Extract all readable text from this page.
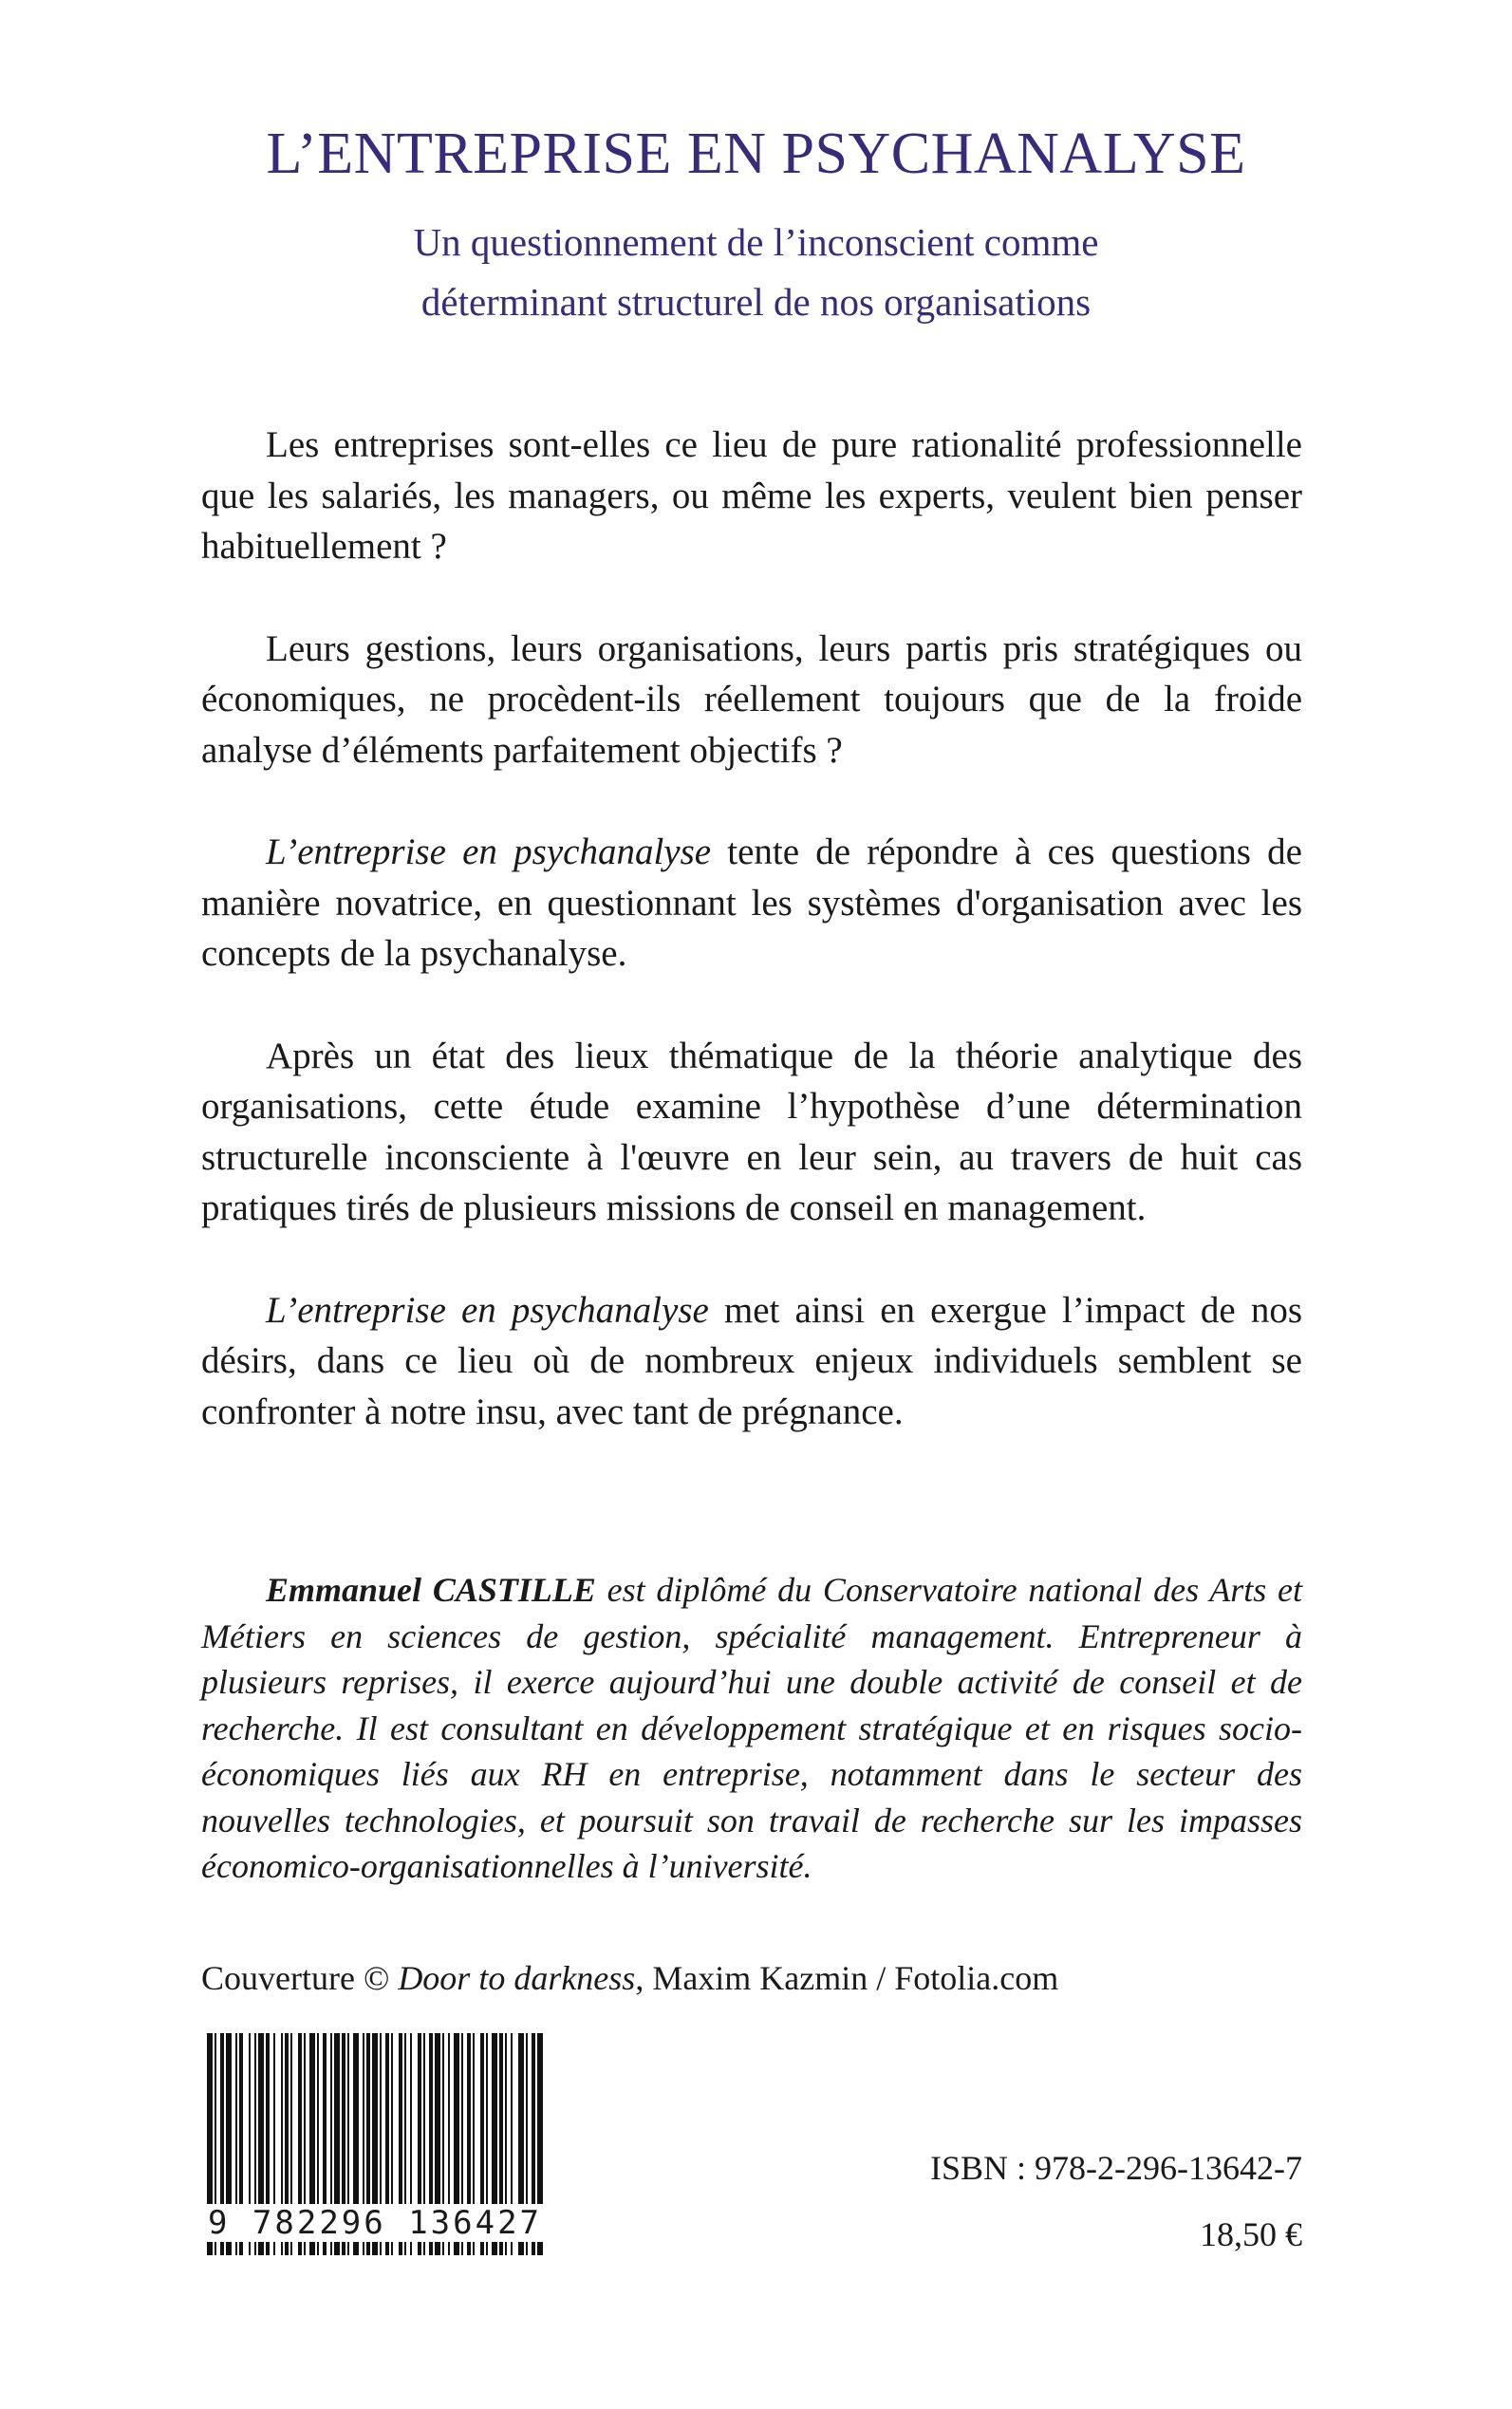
L’ENTREPRISE EN PSYCHANALYSE
Un questionnement de l’inconscient comme
déterminant structurel de nos organisations

Les entreprises sont-elles ce lieu de pure rationalité professionnelle que les salariés, les managers, ou même les experts, veulent bien penser habituellement ?

Leurs gestions, leurs organisations, leurs partis pris stratégiques ou économiques, ne procèdent-ils réellement toujours que de la froide analyse d’éléments parfaitement objectifs ?

L’entreprise en psychanalyse tente de répondre à ces questions de manière novatrice, en questionnant les systèmes d'organisation avec les concepts de la psychanalyse.

Après un état des lieux thématique de la théorie analytique des organisations, cette étude examine l’hypothèse d’une détermination structurelle inconsciente à l'œuvre en leur sein, au travers de huit cas pratiques tirés de plusieurs missions de conseil en management.

L’entreprise en psychanalyse met ainsi en exergue l’impact de nos désirs, dans ce lieu où de nombreux enjeux individuels semblent se confronter à notre insu, avec tant de prégnance.

Emmanuel CASTILLE est diplômé du Conservatoire national des Arts et Métiers en sciences de gestion, spécialité management. Entrepreneur à plusieurs reprises, il exerce aujourd’hui une double activité de conseil et de recherche. Il est consultant en développement stratégique et en risques socio-économiques liés aux RH en entreprise, notamment dans le secteur des nouvelles technologies, et poursuit son travail de recherche sur les impasses économico-organisationnelles à l’université.

Couverture © Door to darkness, Maxim Kazmin / Fotolia.com
9 782296 136427
ISBN : 978-2-296-13642-7
18,50 €
